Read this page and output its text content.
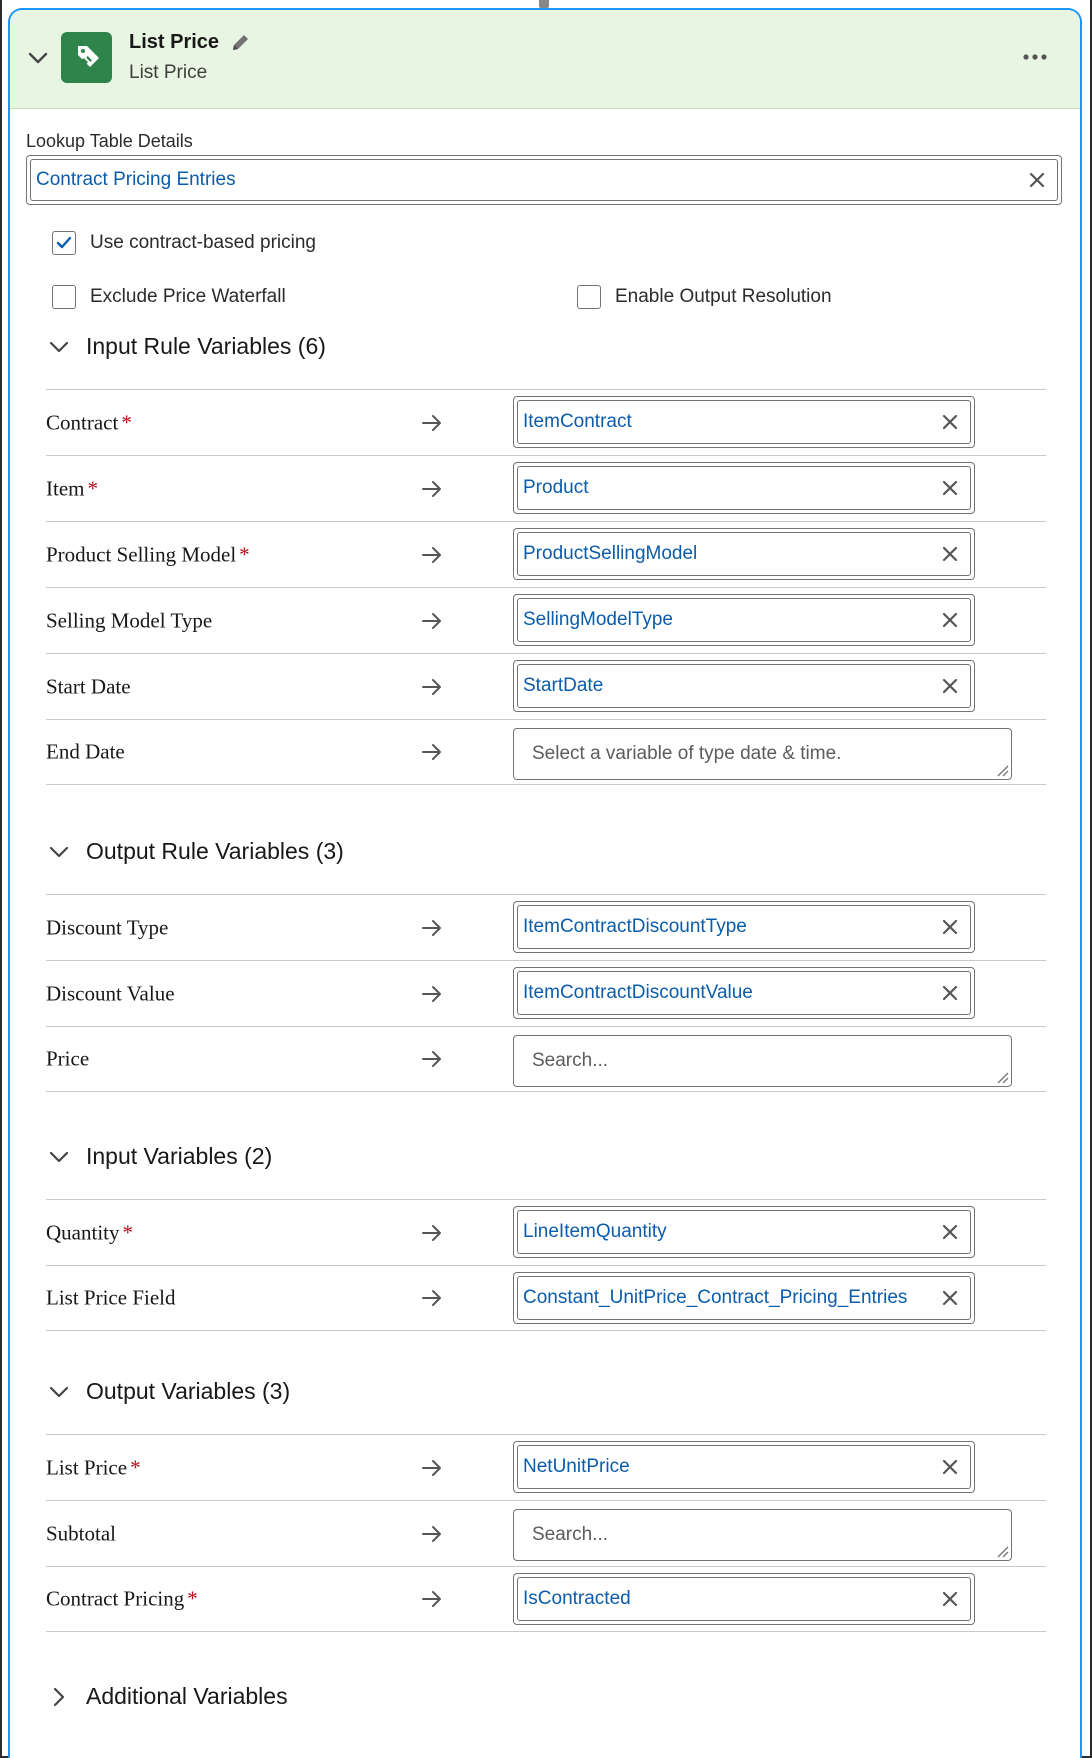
List Price
List Price
Lookup Table Details
Contract Pricing Entries
Use contract-based pricing
Exclude Price Waterfall	Enable Output Resolution
Input Rule Variables (6)
Contract *	ItemContract
Item *	Product
Product Selling Model *	ProductSellingModel
Selling Model Type	SellingModelType
Start Date	StartDate
End Date	Select a variable of type date & time.
Output Rule Variables (3)
Discount Type	ItemContractDiscountType
Discount Value	ItemContractDiscountValue
Price	Search...
Input Variables (2)
Quantity *	LineItemQuantity
List Price Field	Constant_UnitPrice_Contract_Pricing_Entries
Output Variables (3)
List Price *	NetUnitPrice
Subtotal	Search...
Contract Pricing *	IsContracted
Additional Variables
